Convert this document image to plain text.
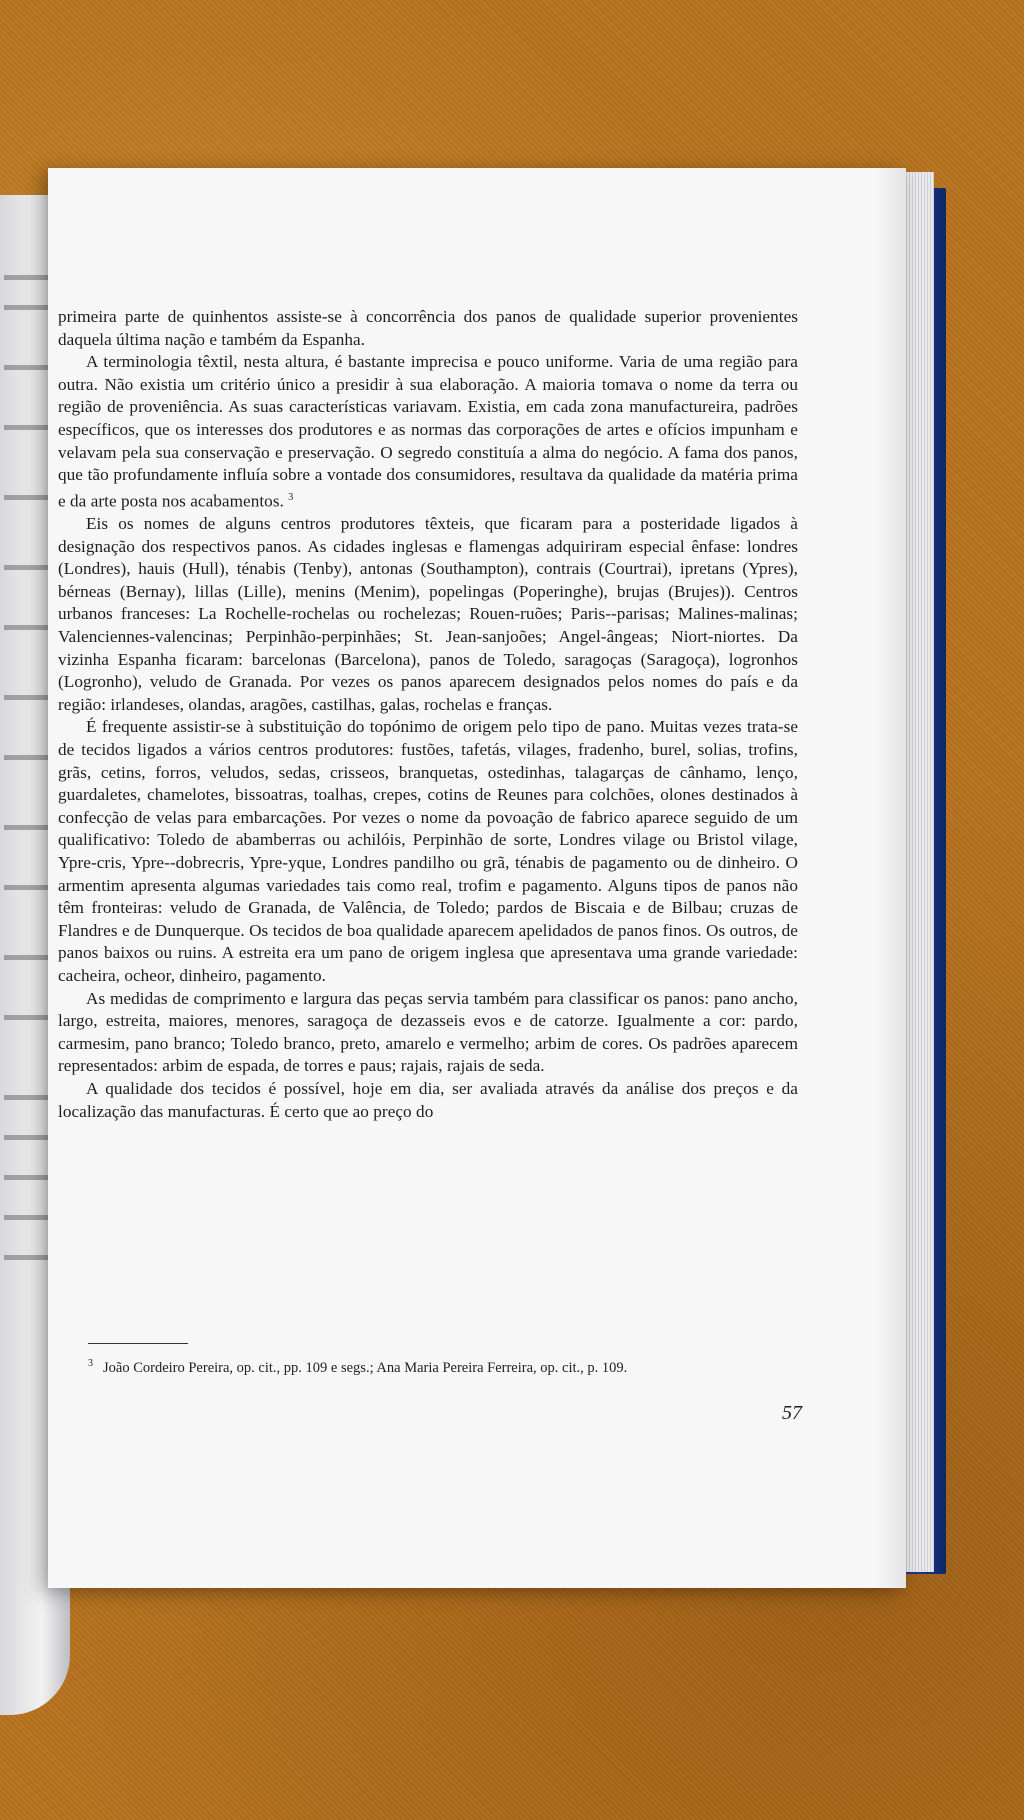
primeira parte de quinhentos assiste-se à concorrência dos panos de qualidade superior provenientes daquela última nação e também da Espanha.

A terminologia têxtil, nesta altura, é bastante imprecisa e pouco uniforme. Varia de uma região para outra. Não existia um critério único a presidir à sua elaboração. A maioria tomava o nome da terra ou região de proveniência. As suas características variavam. Existia, em cada zona manufactureira, padrões específicos, que os interesses dos produtores e as normas das corporações de artes e ofícios impunham e velavam pela sua conservação e preservação. O segredo constituía a alma do negócio. A fama dos panos, que tão profundamente influía sobre a vontade dos consumidores, resultava da qualidade da matéria prima e da arte posta nos acabamentos. $^3$

Eis os nomes de alguns centros produtores têxteis, que ficaram para a posteridade ligados à designação dos respectivos panos. As cidades inglesas e flamengas adquiriram especial ênfase: londres (Londres), hauis (Hull), ténabis (Tenby), antonas (Southampton), contrais (Courtrai), ipretans (Ypres), bérneas (Bernay), lillas (Lille), menins (Menim), popelingas (Poperinghe), brujas (Brujes)). Centros urbanos franceses: La Rochelle-rochelas ou rochelezas; Rouen-ruões; Paris--parisas; Malines-malinas; Valenciennes-valencinas; Perpinhão-perpinhães; St. Jean-sanjoões; Angel-ângeas; Niort-niortes. Da vizinha Espanha ficaram: barcelonas (Barcelona), panos de Toledo, saragoças (Saragoça), logronhos (Logronho), veludo de Granada. Por vezes os panos aparecem designados pelos nomes do país e da região: irlandeses, olandas, aragões, castilhas, galas, rochelas e franças.

É frequente assistir-se à substituição do topónimo de origem pelo tipo de pano. Muitas vezes trata-se de tecidos ligados a vários centros produtores: fustões, tafetás, vilages, fradenho, burel, solias, trofins, grãs, cetins, forros, veludos, sedas, crisseos, branquetas, ostedinhas, talagarças de cânhamo, lenço, guardaletes, chamelotes, bissoatras, toalhas, crepes, cotins de Reunes para colchões, olones destinados à confecção de velas para embarcações. Por vezes o nome da povoação de fabrico aparece seguido de um qualificativo: Toledo de abamberras ou achilóis, Perpinhão de sorte, Londres vilage ou Bristol vilage, Ypre-cris, Ypre--dobrecris, Ypre-yque, Londres pandilho ou grã, ténabis de pagamento ou de dinheiro. O armentim apresenta algumas variedades tais como real, trofim e pagamento. Alguns tipos de panos não têm fronteiras: veludo de Granada, de Valência, de Toledo; pardos de Biscaia e de Bilbau; cruzas de Flandres e de Dunquerque. Os tecidos de boa qualidade aparecem apelidados de panos finos. Os outros, de panos baixos ou ruins. A estreita era um pano de origem inglesa que apresentava uma grande variedade: cacheira, ocheor, dinheiro, pagamento.

As medidas de comprimento e largura das peças servia também para classificar os panos: pano ancho, largo, estreita, maiores, menores, saragoça de dezasseis evos e de catorze. Igualmente a cor: pardo, carmesim, pano branco; Toledo branco, preto, amarelo e vermelho; arbim de cores. Os padrões aparecem representados: arbim de espada, de torres e paus; rajais, rajais de seda.

A qualidade dos tecidos é possível, hoje em dia, ser avaliada através da análise dos preços e da localização das manufacturas. É certo que ao preço do

$^3$ João Cordeiro Pereira, op. cit., pp. 109 e segs.; Ana Maria Pereira Ferreira, op. cit., p. 109.
57
